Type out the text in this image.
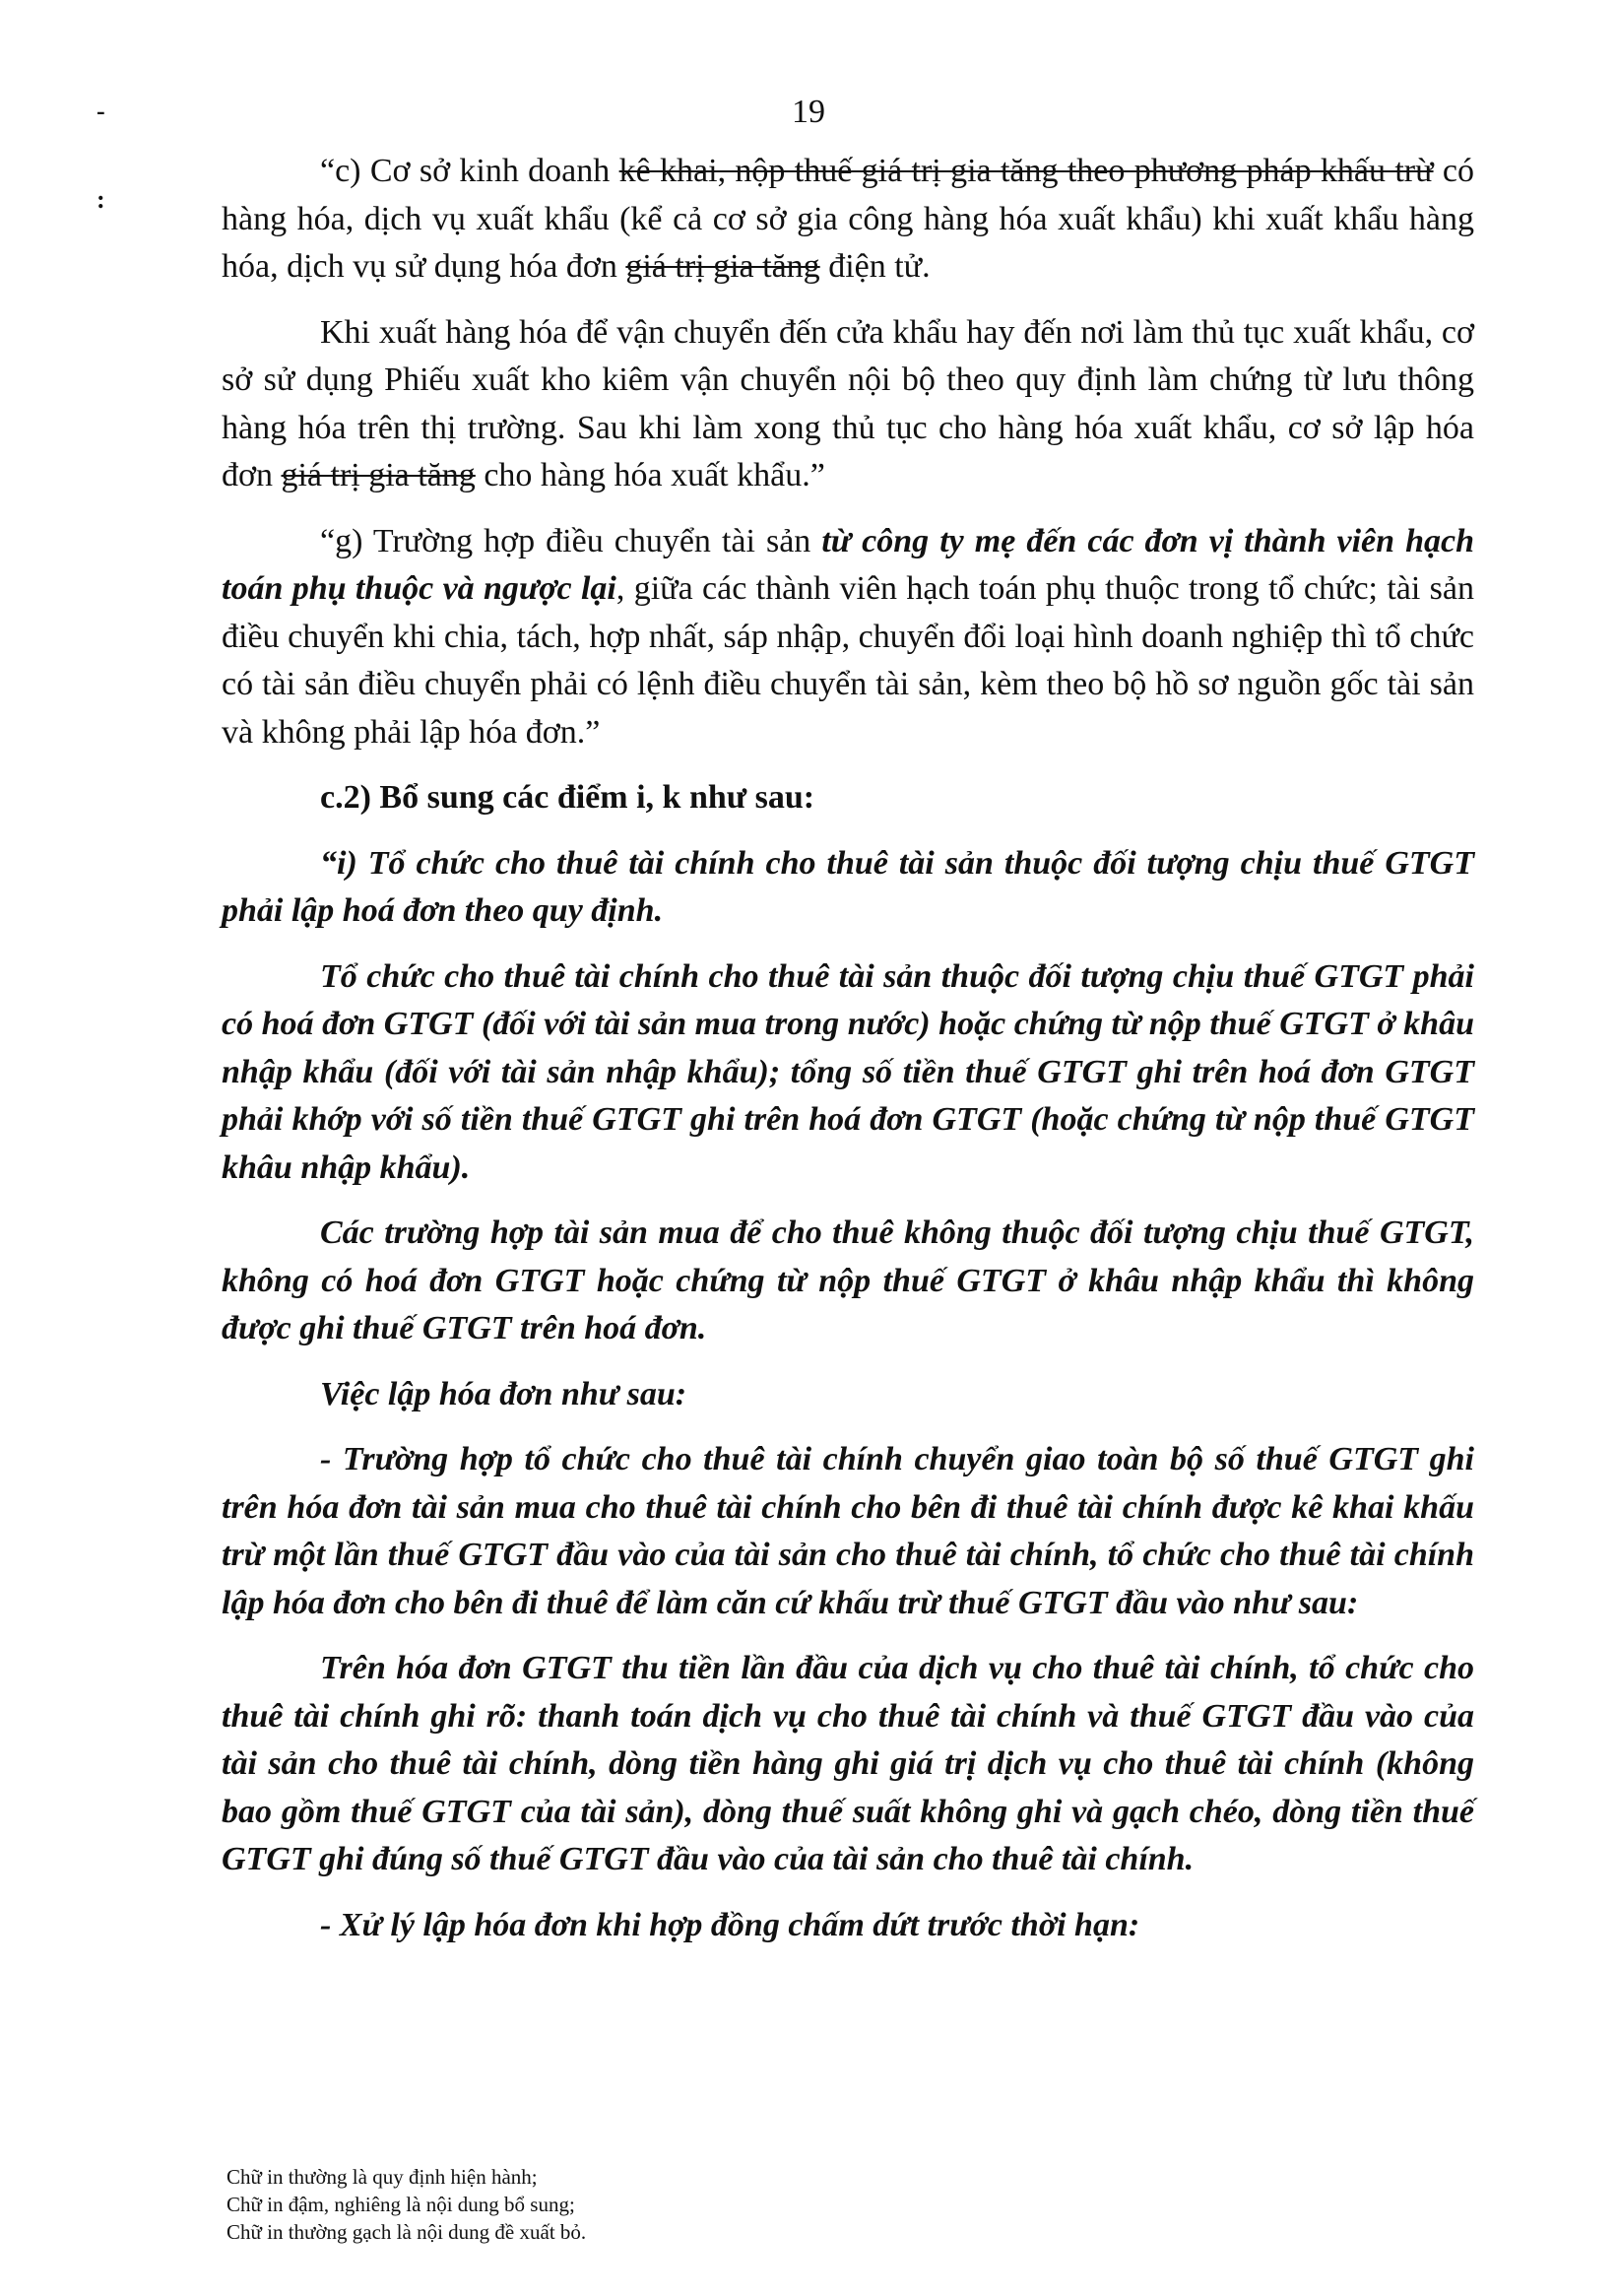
-
:
19

“c) Cơ sở kinh doanh kê khai, nộp thuế giá trị gia tăng theo phương pháp khấu trừ có hàng hóa, dịch vụ xuất khẩu (kể cả cơ sở gia công hàng hóa xuất khẩu) khi xuất khẩu hàng hóa, dịch vụ sử dụng hóa đơn giá trị gia tăng điện tử.

Khi xuất hàng hóa để vận chuyển đến cửa khẩu hay đến nơi làm thủ tục xuất khẩu, cơ sở sử dụng Phiếu xuất kho kiêm vận chuyển nội bộ theo quy định làm chứng từ lưu thông hàng hóa trên thị trường. Sau khi làm xong thủ tục cho hàng hóa xuất khẩu, cơ sở lập hóa đơn giá trị gia tăng cho hàng hóa xuất khẩu.”

“g) Trường hợp điều chuyển tài sản từ công ty mẹ đến các đơn vị thành viên hạch toán phụ thuộc và ngược lại, giữa các thành viên hạch toán phụ thuộc trong tổ chức; tài sản điều chuyển khi chia, tách, hợp nhất, sáp nhập, chuyển đổi loại hình doanh nghiệp thì tổ chức có tài sản điều chuyển phải có lệnh điều chuyển tài sản, kèm theo bộ hồ sơ nguồn gốc tài sản và không phải lập hóa đơn.”

c.2) Bổ sung các điểm i, k như sau:

“i) Tổ chức cho thuê tài chính cho thuê tài sản thuộc đối tượng chịu thuế GTGT phải lập hoá đơn theo quy định.

Tổ chức cho thuê tài chính cho thuê tài sản thuộc đối tượng chịu thuế GTGT phải có hoá đơn GTGT (đối với tài sản mua trong nước) hoặc chứng từ nộp thuế GTGT ở khâu nhập khẩu (đối với tài sản nhập khẩu); tổng số tiền thuế GTGT ghi trên hoá đơn GTGT phải khớp với số tiền thuế GTGT ghi trên hoá đơn GTGT (hoặc chứng từ nộp thuế GTGT khâu nhập khẩu).

Các trường hợp tài sản mua để cho thuê không thuộc đối tượng chịu thuế GTGT, không có hoá đơn GTGT hoặc chứng từ nộp thuế GTGT ở khâu nhập khẩu thì không được ghi thuế GTGT trên hoá đơn.

Việc lập hóa đơn như sau:

- Trường hợp tổ chức cho thuê tài chính chuyển giao toàn bộ số thuế GTGT ghi trên hóa đơn tài sản mua cho thuê tài chính cho bên đi thuê tài chính được kê khai khấu trừ một lần thuế GTGT đầu vào của tài sản cho thuê tài chính, tổ chức cho thuê tài chính lập hóa đơn cho bên đi thuê để làm căn cứ khấu trừ thuế GTGT đầu vào như sau:

Trên hóa đơn GTGT thu tiền lần đầu của dịch vụ cho thuê tài chính, tổ chức cho thuê tài chính ghi rõ: thanh toán dịch vụ cho thuê tài chính và thuế GTGT đầu vào của tài sản cho thuê tài chính, dòng tiền hàng ghi giá trị dịch vụ cho thuê tài chính (không bao gồm thuế GTGT của tài sản), dòng thuế suất không ghi và gạch chéo, dòng tiền thuế GTGT ghi đúng số thuế GTGT đầu vào của tài sản cho thuê tài chính.

- Xử lý lập hóa đơn khi hợp đồng chấm dứt trước thời hạn:

Chữ in thường là quy định hiện hành;
Chữ in đậm, nghiêng là nội dung bổ sung;
Chữ in thường gạch là nội dung đề xuất bỏ.
